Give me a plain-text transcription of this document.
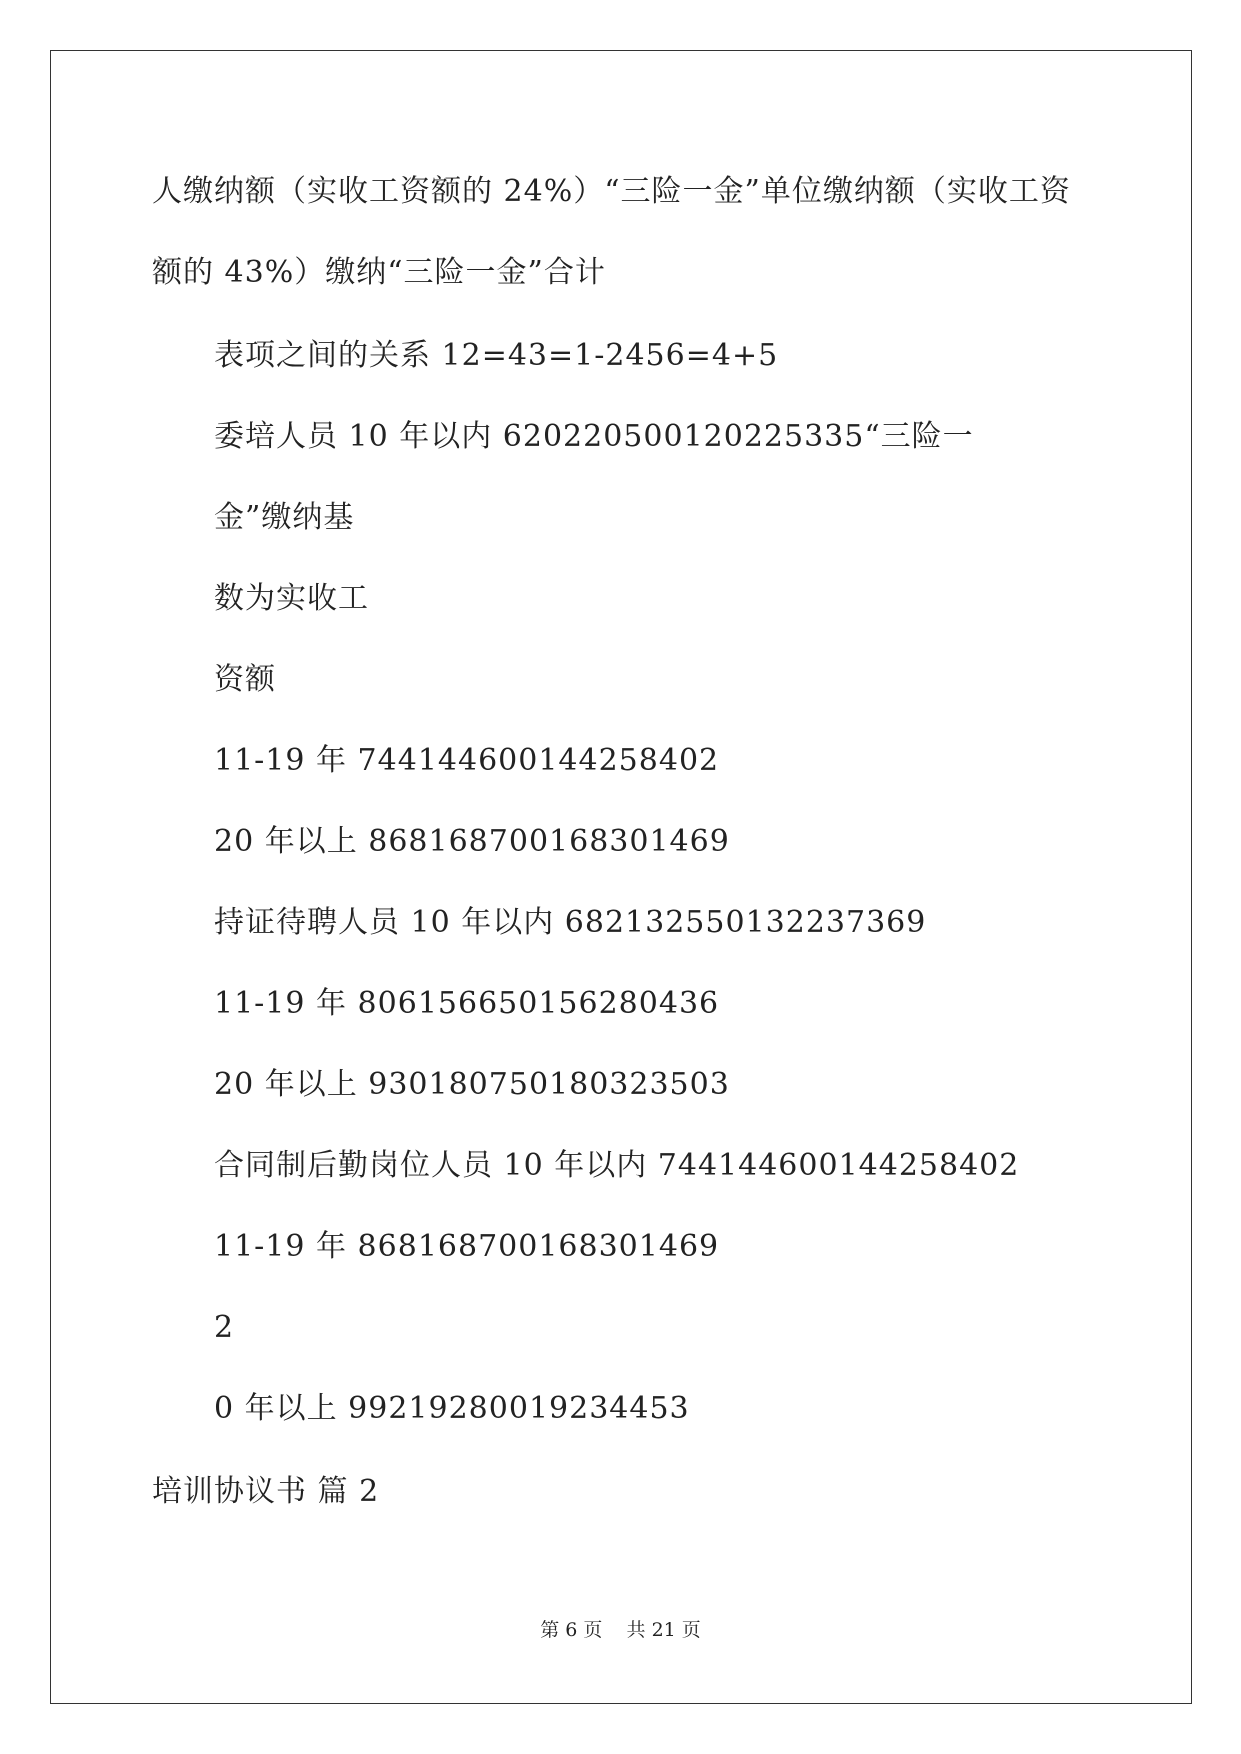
人缴纳额（实收工资额的 24%）“三险一金”单位缴纳额（实收工资
额的 43%）缴纳“三险一金”合计
表项之间的关系 12=43=1-2456=4+5
委培人员 10 年以内 620220500120225335“三险一
金”缴纳基
数为实收工
资额
11-19 年 744144600144258402
20 年以上 868168700168301469
持证待聘人员 10 年以内 682132550132237369
11-19 年 806156650156280436
20 年以上 930180750180323503
合同制后勤岗位人员 10 年以内 744144600144258402
11-19 年 868168700168301469
2
0 年以上 99219280019234453
培训协议书 篇 2
第 6 页    共 21 页
